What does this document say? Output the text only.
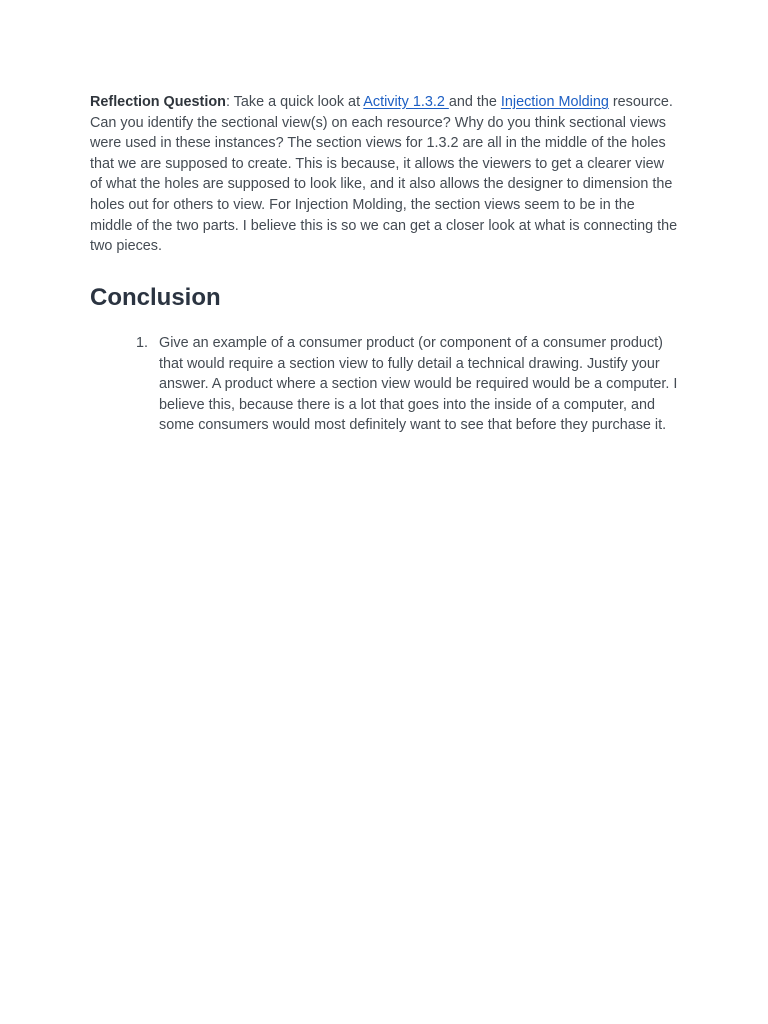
Reflection Question: Take a quick look at Activity 1.3.2 and the Injection Molding resource. Can you identify the sectional view(s) on each resource? Why do you think sectional views were used in these instances? The section views for 1.3.2 are all in the middle of the holes that we are supposed to create. This is because, it allows the viewers to get a clearer view of what the holes are supposed to look like, and it also allows the designer to dimension the holes out for others to view. For Injection Molding, the section views seem to be in the middle of the two parts. I believe this is so we can get a closer look at what is connecting the two pieces.

Conclusion
1. Give an example of a consumer product (or component of a consumer product) that would require a section view to fully detail a technical drawing. Justify your answer. A product where a section view would be required would be a computer. I believe this, because there is a lot that goes into the inside of a computer, and some consumers would most definitely want to see that before they purchase it.
